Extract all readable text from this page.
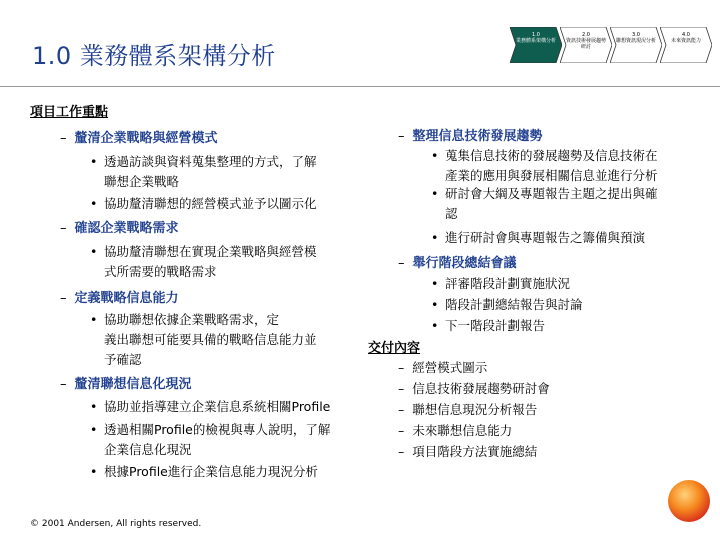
1.0 業務體系架構分析
1.0
業務體系架構分析
2.0
資訊技術發展趨勢研討
3.0
聯想資訊現況分析
4.0
未來資訊能力
項目工作重點
– 釐清企業戰略與經營模式
• 透過訪談與資料蒐集整理的方式，了解
聯想企業戰略
• 協助釐清聯想的經營模式並予以圖示化
– 確認企業戰略需求
• 協助釐清聯想在實現企業戰略與經營模
式所需要的戰略需求
– 定義戰略信息能力
• 協助聯想依據企業戰略需求，定
義出聯想可能要具備的戰略信息能力並
予確認
– 釐清聯想信息化現況
• 協助並指導建立企業信息系統相關Profile
• 透過相關Profile的檢視與專人說明，了解
企業信息化現況
• 根據Profile進行企業信息能力現況分析
– 整理信息技術發展趨勢
• 蒐集信息技術的發展趨勢及信息技術在
產業的應用與發展相關信息並進行分析
• 研討會大綱及專題報告主題之提出與確
認
• 進行研討會與專題報告之籌備與預演
– 舉行階段總結會議
• 評審階段計劃實施狀況
• 階段計劃總結報告與討論
• 下一階段計劃報告
交付內容
– 經營模式圖示
– 信息技術發展趨勢研討會
– 聯想信息現況分析報告
– 未來聯想信息能力
– 項目階段方法實施總結
© 2001 Andersen, All rights reserved.
